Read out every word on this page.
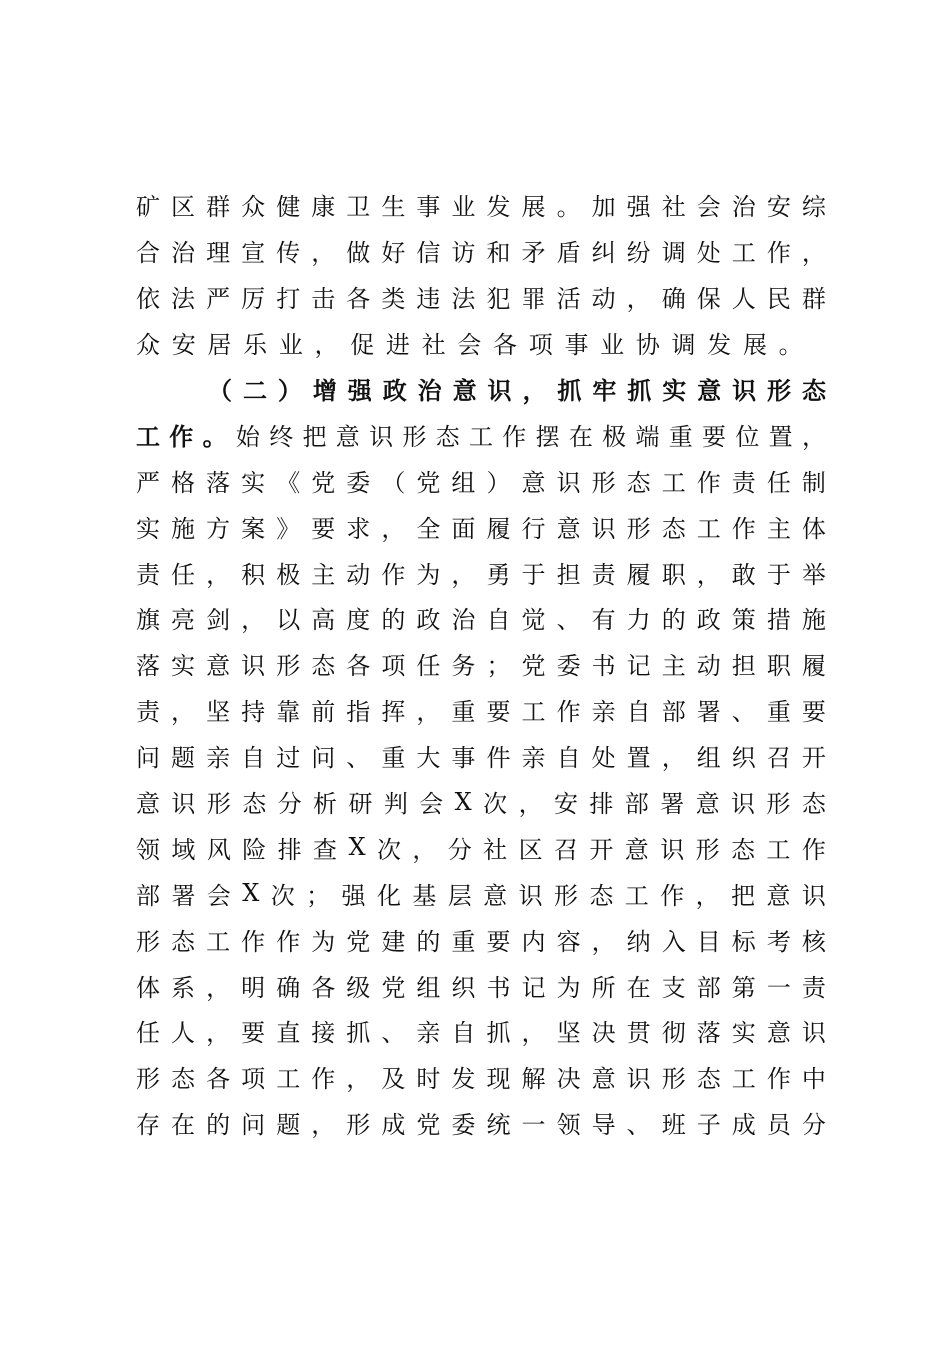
矿 区 群 众 健 康 卫 生 事 业 发 展 。 加 强 社 会 治 安 综
合 治 理 宣 传 ， 做 好 信 访 和 矛 盾 纠 纷 调 处 工 作 ，
依 法 严 厉 打 击 各 类 违 法 犯 罪 活 动 ， 确 保 人 民 群
众 安 居 乐 业 ， 促 进 社 会 各 项 事 业 协 调 发 展 。
（ 二 ） 增 强 政 治 意 识 ， 抓 牢 抓 实 意 识 形 态
工 作 。 始 终 把 意 识 形 态 工 作 摆 在 极 端 重 要 位 置 ，
严 格 落 实 《 党 委 （ 党 组 ） 意 识 形 态 工 作 责 任 制
实 施 方 案 》 要 求 ， 全 面 履 行 意 识 形 态 工 作 主 体
责 任 ， 积 极 主 动 作 为 ， 勇 于 担 责 履 职 ， 敢 于 举
旗 亮 剑 ， 以 高 度 的 政 治 自 觉 、 有 力 的 政 策 措 施
落 实 意 识 形 态 各 项 任 务 ； 党 委 书 记 主 动 担 职 履
责 ， 坚 持 靠 前 指 挥 ， 重 要 工 作 亲 自 部 署 、 重 要
问 题 亲 自 过 问 、 重 大 事 件 亲 自 处 置 ， 组 织 召 开
意 识 形 态 分 析 研 判 会 X 次 ， 安 排 部 署 意 识 形 态
领 域 风 险 排 查 X 次 ， 分 社 区 召 开 意 识 形 态 工 作
部 署 会 X 次 ； 强 化 基 层 意 识 形 态 工 作 ， 把 意 识
形 态 工 作 作 为 党 建 的 重 要 内 容 ， 纳 入 目 标 考 核
体 系 ， 明 确 各 级 党 组 织 书 记 为 所 在 支 部 第 一 责
任 人 ， 要 直 接 抓 、 亲 自 抓 ， 坚 决 贯 彻 落 实 意 识
形 态 各 项 工 作 ， 及 时 发 现 解 决 意 识 形 态 工 作 中
存 在 的 问 题 ， 形 成 党 委 统 一 领 导 、 班 子 成 员 分
